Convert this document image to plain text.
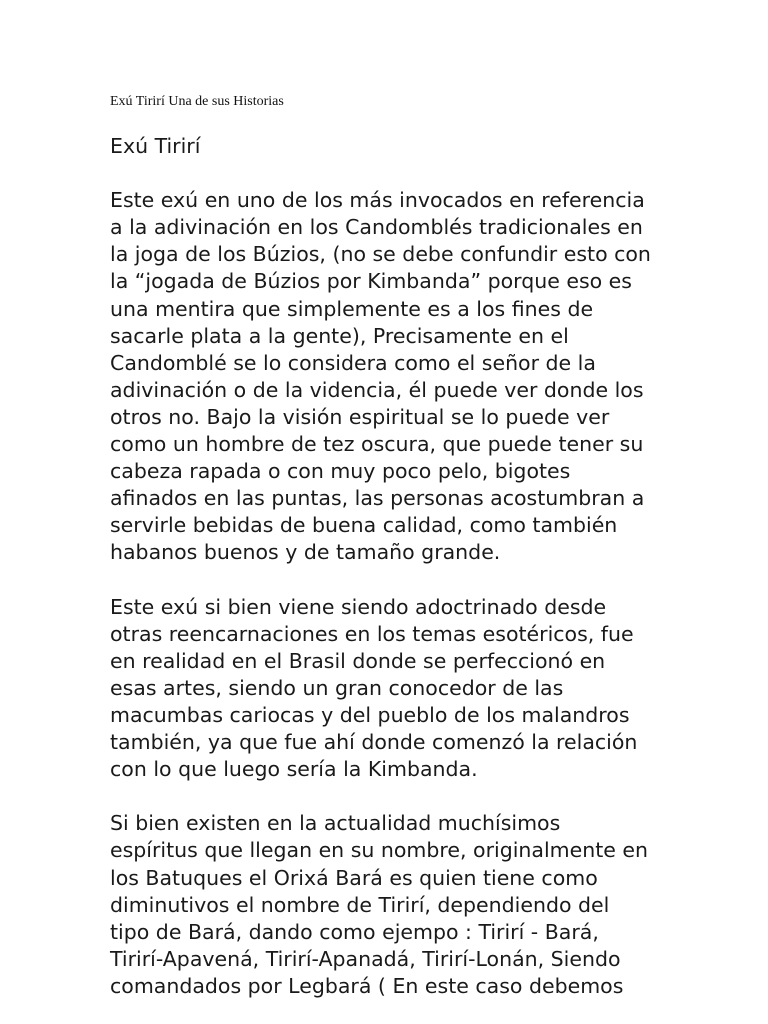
Exú Tirirí Una de sus Historias
Exú Tirirí
Este exú en uno de los más invocados en referencia
a la adivinación en los Candomblés tradicionales en
la joga de los Búzios, (no se debe confundir esto con
la “jogada de Búzios por Kimbanda” porque eso es
una mentira que simplemente es a los fines de
sacarle plata a la gente), Precisamente en el
Candomblé se lo considera como el señor de la
adivinación o de la videncia, él puede ver donde los
otros no. Bajo la visión espiritual se lo puede ver
como un hombre de tez oscura, que puede tener su
cabeza rapada o con muy poco pelo, bigotes
afinados en las puntas, las personas acostumbran a
servirle bebidas de buena calidad, como también
habanos buenos y de tamaño grande.
Este exú si bien viene siendo adoctrinado desde
otras reencarnaciones en los temas esotéricos, fue
en realidad en el Brasil donde se perfeccionó en
esas artes, siendo un gran conocedor de las
macumbas cariocas y del pueblo de los malandros
también, ya que fue ahí donde comenzó la relación
con lo que luego sería la Kimbanda.
Si bien existen en la actualidad muchísimos
espíritus que llegan en su nombre, originalmente en
los Batuques el Orixá Bará es quien tiene como
diminutivos el nombre de Tirirí, dependiendo del
tipo de Bará, dando como ejempo : Tirirí - Bará,
Tirirí-Apavená, Tirirí-Apanadá, Tirirí-Lonán, Siendo
comandados por Legbará ( En este caso debemos
